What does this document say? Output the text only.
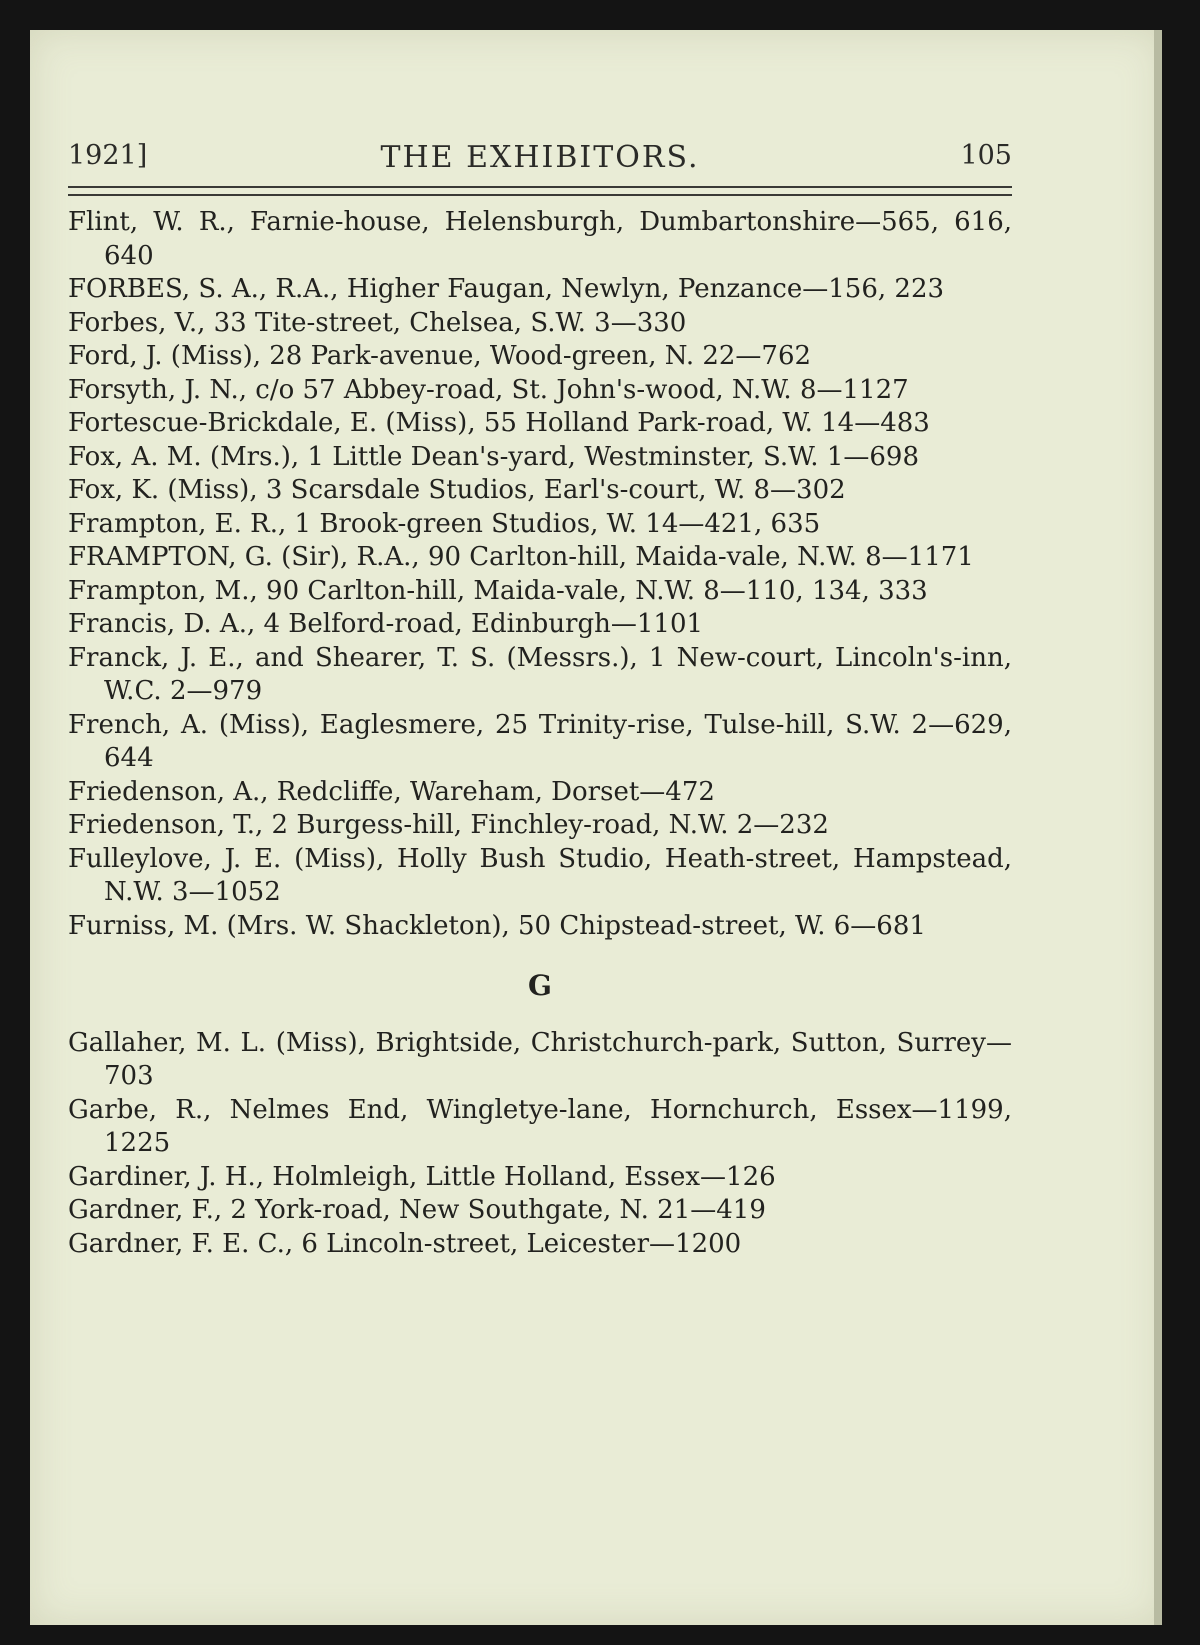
1921]	THE EXHIBITORS.	105
Flint, W. R., Farnie-house, Helensburgh, Dumbartonshire—565, 616, 640
FORBES, S. A., R.A., Higher Faugan, Newlyn, Penzance—156, 223
Forbes, V., 33 Tite-street, Chelsea, S.W. 3—330
Ford, J. (Miss), 28 Park-avenue, Wood-green, N. 22—762
Forsyth, J. N., c/o 57 Abbey-road, St. John's-wood, N.W. 8—1127
Fortescue-Brickdale, E. (Miss), 55 Holland Park-road, W. 14—483
Fox, A. M. (Mrs.), 1 Little Dean's-yard, Westminster, S.W. 1—698
Fox, K. (Miss), 3 Scarsdale Studios, Earl's-court, W. 8—302
Frampton, E. R., 1 Brook-green Studios, W. 14—421, 635
FRAMPTON, G. (Sir), R.A., 90 Carlton-hill, Maida-vale, N.W. 8—1171
Frampton, M., 90 Carlton-hill, Maida-vale, N.W. 8—110, 134, 333
Francis, D. A., 4 Belford-road, Edinburgh—1101
Franck, J. E., and Shearer, T. S. (Messrs.), 1 New-court, Lincoln's-inn, W.C. 2—979
French, A. (Miss), Eaglesmere, 25 Trinity-rise, Tulse-hill, S.W. 2—629, 644
Friedenson, A., Redcliffe, Wareham, Dorset—472
Friedenson, T., 2 Burgess-hill, Finchley-road, N.W. 2—232
Fulleylove, J. E. (Miss), Holly Bush Studio, Heath-street, Hampstead, N.W. 3—1052
Furniss, M. (Mrs. W. Shackleton), 50 Chipstead-street, W. 6—681
G
Gallaher, M. L. (Miss), Brightside, Christchurch-park, Sutton, Surrey—703
Garbe, R., Nelmes End, Wingletye-lane, Hornchurch, Essex—1199, 1225
Gardiner, J. H., Holmleigh, Little Holland, Essex—126
Gardner, F., 2 York-road, New Southgate, N. 21—419
Gardner, F. E. C., 6 Lincoln-street, Leicester—1200
